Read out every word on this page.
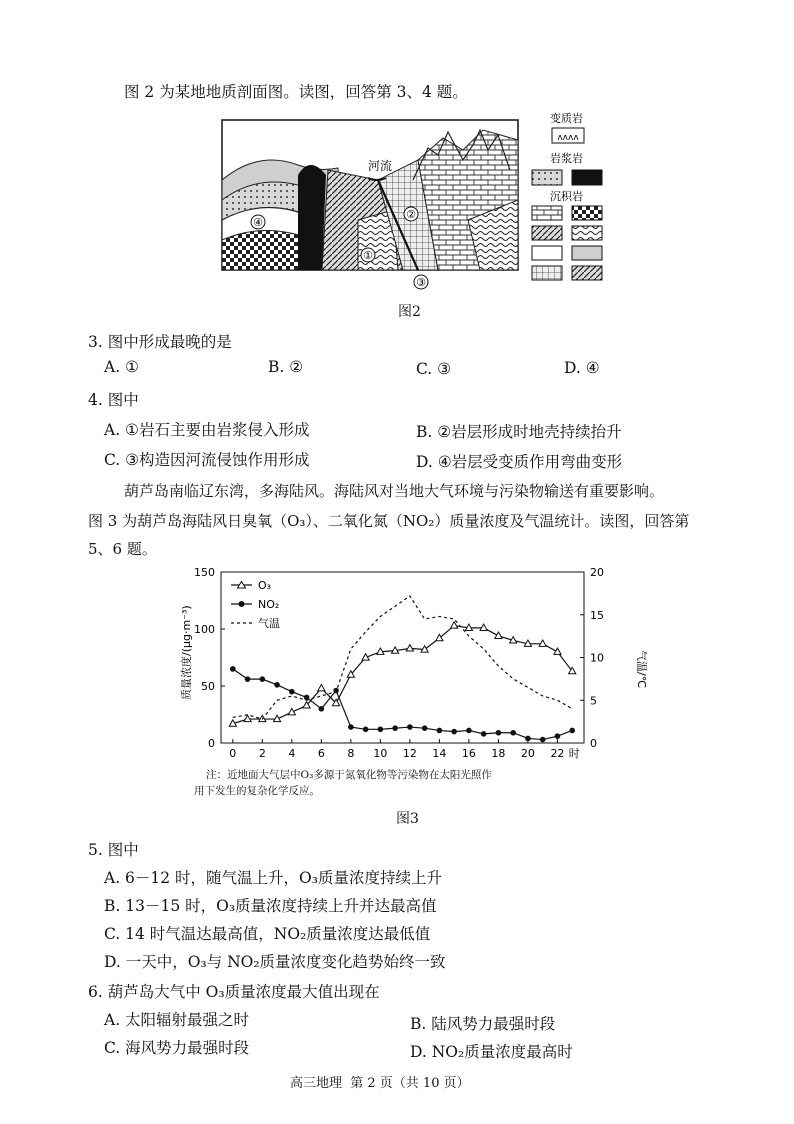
图 2 为某地地质剖面图。读图，回答第 3、4 题。
④
①
②
③
河流
变质岩
ʌʌʌʌ
岩浆岩
沉积岩
图2
3. 图中形成最晚的是
A. ①	B. ②	C. ③	D. ④
4. 图中
A. ①岩石主要由岩浆侵入形成	B. ②岩层形成时地壳持续抬升
C. ③构造因河流侵蚀作用形成	D. ④岩层受变质作用弯曲变形
葫芦岛南临辽东湾，多海陆风。海陆风对当地大气环境与污染物输送有重要影响。
图 3 为葫芦岛海陆风日臭氧（O₃）、二氧化氮（NO₂）质量浓度及气温统计。读图，回答第
5、6 题。
0
50
100
150
0
5
10
15
20
0 2 4 6 8 10 12 14 16 18 20 22 时
O₃
NO₂
气温
质量浓度/(μg·m⁻³)	气温/℃
注：近地面大气层中O₃多源于氮氧化物等污染物在太阳光照作
用下发生的复杂化学反应。
图3
5. 图中
A. 6－12 时，随气温上升，O₃质量浓度持续上升
B. 13－15 时，O₃质量浓度持续上升并达最高值
C. 14 时气温达最高值，NO₂质量浓度达最低值
D. 一天中，O₃与 NO₂质量浓度变化趋势始终一致
6. 葫芦岛大气中 O₃质量浓度最大值出现在
A. 太阳辐射最强之时	B. 陆风势力最强时段
C. 海风势力最强时段	D. NO₂质量浓度最高时
高三地理  第 2 页（共 10 页）
